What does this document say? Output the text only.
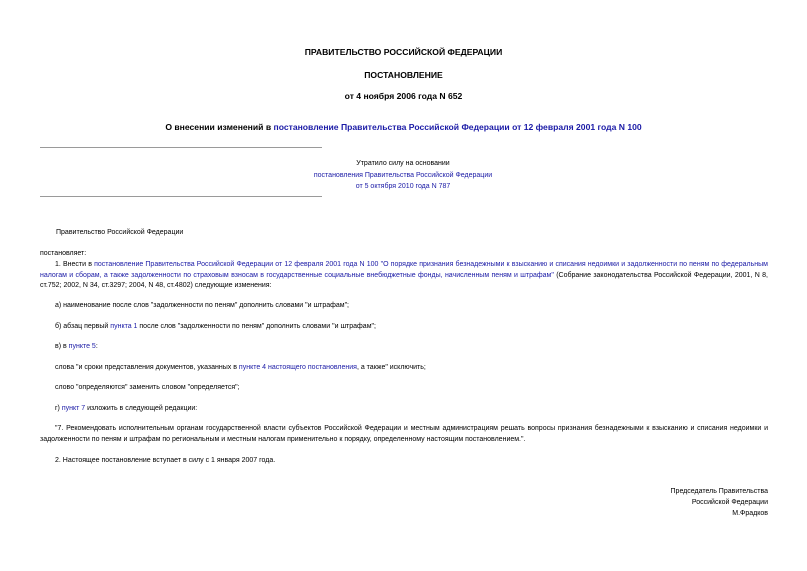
ПРАВИТЕЛЬСТВО РОССИЙСКОЙ ФЕДЕРАЦИИ
ПОСТАНОВЛЕНИЕ
от 4 ноября 2006 года N 652
О внесении изменений в постановление Правительства Российской Федерации от 12 февраля 2001 года N 100
Утратило силу на основании
постановления Правительства Российской Федерации
от 5 октября 2010 года N 787
Правительство Российской Федерации
постановляет:
1. Внести в постановление Правительства Российской Федерации от 12 февраля 2001 года N 100 "О порядке признания безнадежными к взысканию и списания недоимки и задолженности по пеням по федеральным налогам и сборам, а также задолженности по страховым взносам в государственные социальные внебюджетные фонды, начисленным пеням и штрафам" (Собрание законодательства Российской Федерации, 2001, N 8, ст.752; 2002, N 34, ст.3297; 2004, N 48, ст.4802) следующие изменения:
а) наименование после слов "задолженности по пеням" дополнить словами "и штрафам";
б) абзац первый пункта 1 после слов "задолженности по пеням" дополнить словами "и штрафам";
в) в пункте 5:
слова "и сроки представления документов, указанных в пункте 4 настоящего постановления, а также" исключить;
слово "определяются" заменить словом "определяется";
г) пункт 7 изложить в следующей редакции:
"7. Рекомендовать исполнительным органам государственной власти субъектов Российской Федерации и местным администрациям решать вопросы признания безнадежными к взысканию и списания недоимки и задолженности по пеням и штрафам по региональным и местным налогам применительно к порядку, определенному настоящим постановлением.".
2. Настоящее постановление вступает в силу с 1 января 2007 года.
Председатель Правительства
Российской Федерации
М.Фрадков
